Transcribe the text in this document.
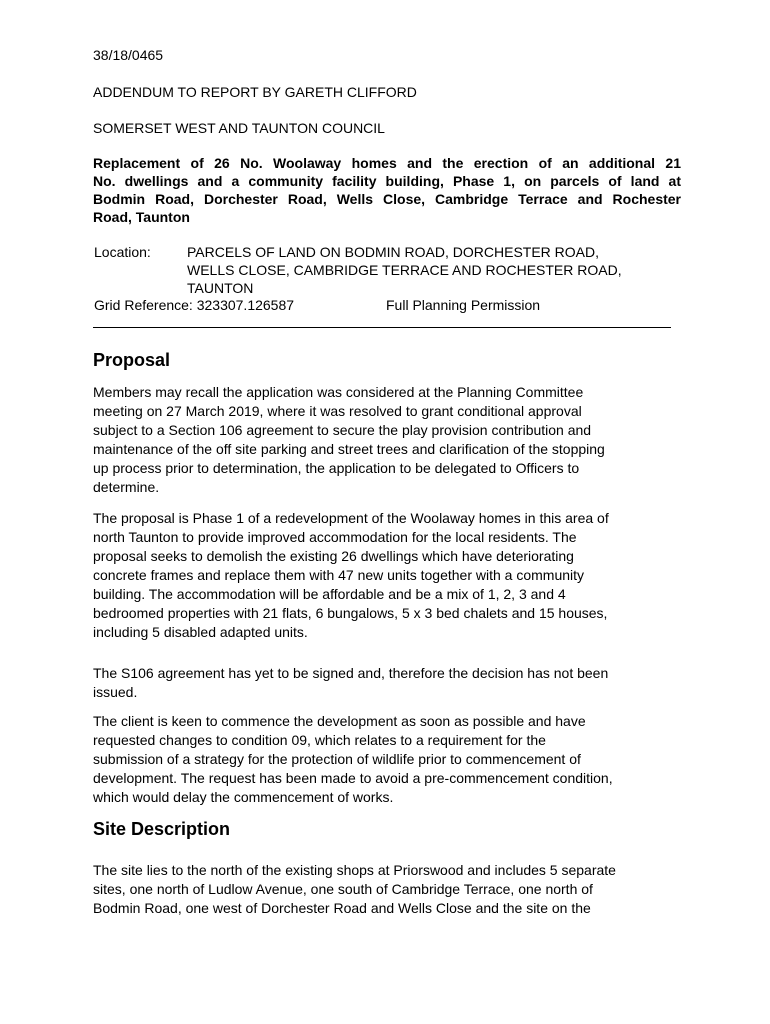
38/18/0465
ADDENDUM TO REPORT BY GARETH CLIFFORD
SOMERSET WEST AND TAUNTON COUNCIL
Replacement of 26 No. Woolaway homes and the erection of an additional 21
No. dwellings and a community facility building, Phase 1, on parcels of land at
Bodmin Road, Dorchester Road, Wells Close, Cambridge Terrace and Rochester
Road, Taunton
Location:	PARCELS OF LAND ON BODMIN ROAD, DORCHESTER ROAD,
WELLS CLOSE, CAMBRIDGE TERRACE AND ROCHESTER ROAD,
TAUNTON
Grid Reference: 323307.126587	Full Planning Permission
Proposal
Members may recall the application was considered at the Planning Committee
meeting on 27 March 2019, where it was resolved to grant conditional approval
subject to a Section 106 agreement to secure the play provision contribution and
maintenance of the off site parking and street trees and clarification of the stopping
up process prior to determination, the application to be delegated to Officers to
determine.
The proposal is Phase 1 of a redevelopment of the Woolaway homes in this area of
north Taunton to provide improved accommodation for the local residents. The
proposal seeks to demolish the existing 26 dwellings which have deteriorating
concrete frames and replace them with 47 new units together with a community
building. The accommodation will be affordable and be a mix of 1, 2, 3 and 4
bedroomed properties with 21 flats, 6 bungalows, 5 x 3 bed chalets and 15 houses,
including 5 disabled adapted units.
The S106 agreement has yet to be signed and, therefore the decision has not been
issued.
The client is keen to commence the development as soon as possible and have
requested changes to condition 09, which relates to a requirement for the
submission of a strategy for the protection of wildlife prior to commencement of
development. The request has been made to avoid a pre-commencement condition,
which would delay the commencement of works.
Site Description
The site lies to the north of the existing shops at Priorswood and includes 5 separate
sites, one north of Ludlow Avenue, one south of Cambridge Terrace, one north of
Bodmin Road, one west of Dorchester Road and Wells Close and the site on the
